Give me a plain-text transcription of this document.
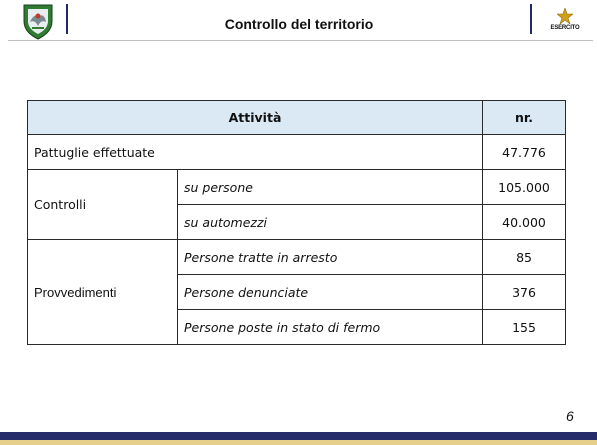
Controllo del territorio	ESERCITO
Attività		nr.
Pattuglie effettuate		47.776
Controlli	su persone	105.000
	su automezzi	40.000
Provvedimenti	Persone tratte in arresto	85
	Persone denunciate	376
	Persone poste in stato di fermo	155
6
